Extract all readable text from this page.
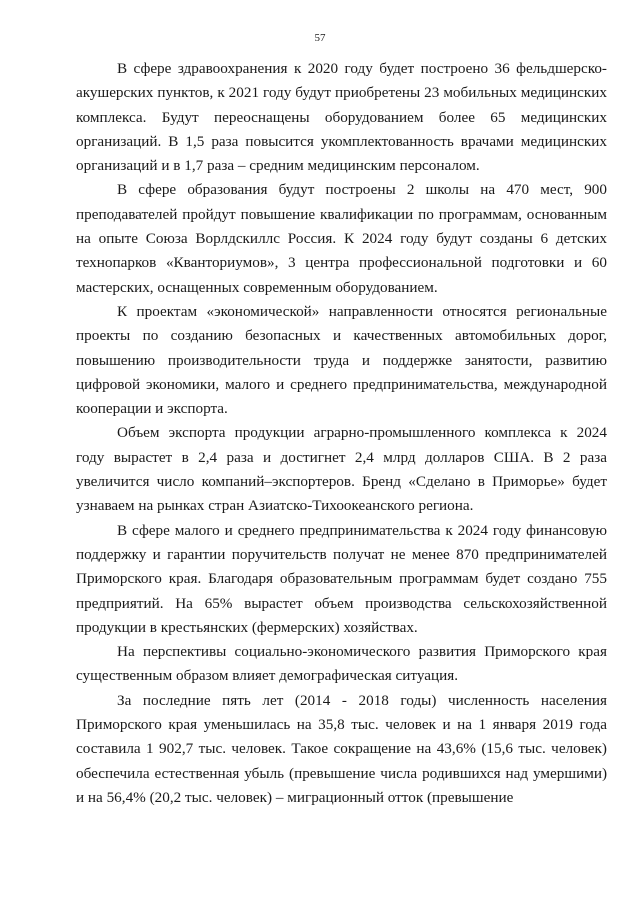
57

В сфере здравоохранения к 2020 году будет построено 36 фельдшерско-акушерских пунктов, к 2021 году будут приобретены 23 мобильных медицинских комплекса. Будут переоснащены оборудованием более 65 медицинских организаций. В 1,5 раза повысится укомплектованность врачами медицинских организаций и в 1,7 раза – средним медицинским персоналом.

В сфере образования будут построены 2 школы на 470 мест, 900 преподавателей пройдут повышение квалификации по программам, основанным на опыте Союза Ворлдскиллс Россия. К 2024 году будут созданы 6 детских технопарков «Кванториумов», 3 центра профессиональной подготовки и 60 мастерских, оснащенных современным оборудованием.

К проектам «экономической» направленности относятся региональные проекты по созданию безопасных и качественных автомобильных дорог, повышению производительности труда и поддержке занятости, развитию цифровой экономики, малого и среднего предпринимательства, международной кооперации и экспорта.

Объем экспорта продукции аграрно-промышленного комплекса к 2024 году вырастет в 2,4 раза и достигнет 2,4 млрд долларов США. В 2 раза увеличится число компаний–экспортеров. Бренд «Сделано в Приморье» будет узнаваем на рынках стран Азиатско-Тихоокеанского региона.

В сфере малого и среднего предпринимательства к 2024 году финансовую поддержку и гарантии поручительств получат не менее 870 предпринимателей Приморского края. Благодаря образовательным программам будет создано 755 предприятий. На 65% вырастет объем производства сельскохозяйственной продукции в крестьянских (фермерских) хозяйствах.

На перспективы социально-экономического развития Приморского края существенным образом влияет демографическая ситуация.

За последние пять лет (2014 - 2018 годы) численность населения Приморского края уменьшилась на 35,8 тыс. человек и на 1 января 2019 года составила 1 902,7 тыс. человек. Такое сокращение на 43,6% (15,6 тыс. человек) обеспечила естественная убыль (превышение числа родившихся над умершими) и на 56,4% (20,2 тыс. человек) – миграционный отток (превышение
